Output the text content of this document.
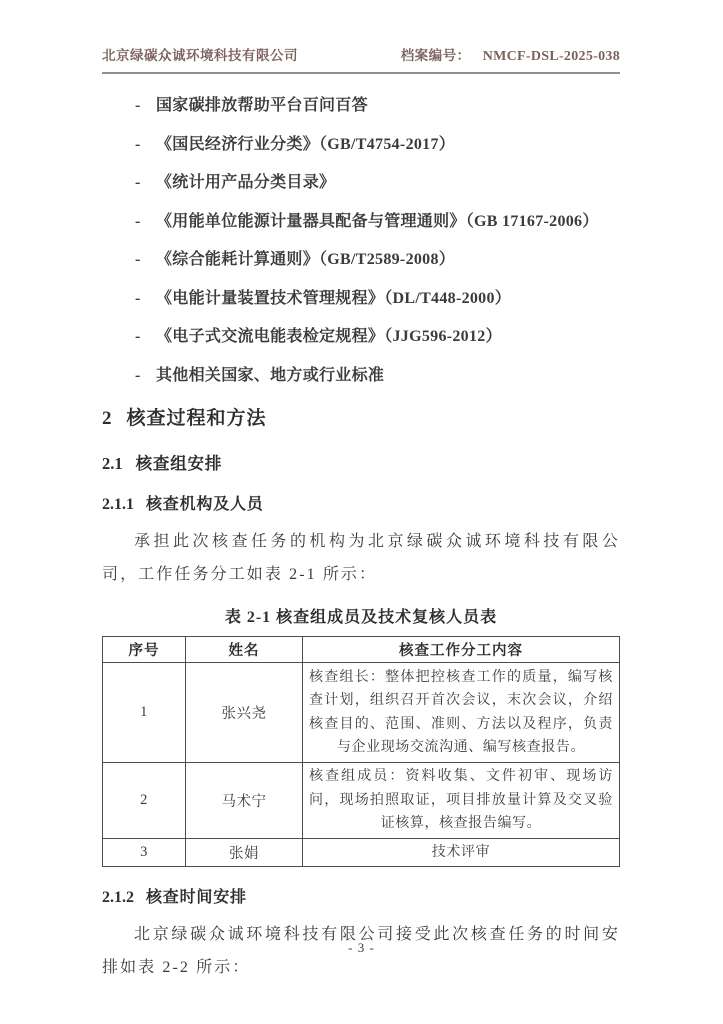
北京绿碳众诚环境科技有限公司	档案编号： NMCF-DSL-2025-038
- 国家碳排放帮助平台百问百答
- 《国民经济行业分类》（GB/T4754-2017）
- 《统计用产品分类目录》
- 《用能单位能源计量器具配备与管理通则》（GB 17167-2006）
- 《综合能耗计算通则》（GB/T2589-2008）
- 《电能计量装置技术管理规程》（DL/T448-2000）
- 《电子式交流电能表检定规程》（JJG596-2012）
- 其他相关国家、地方或行业标准
2 核查过程和方法
2.1 核查组安排
2.1.1 核查机构及人员

承担此次核查任务的机构为北京绿碳众诚环境科技有限公司，工作任务分工如表 2-1 所示：

表 2-1 核查组成员及技术复核人员表
序号	姓名	核查工作分工内容
1	张兴尧	核查组长：整体把控核查工作的质量，编写核查计划，组织召开首次会议，末次会议，介绍核查目的、范围、准则、方法以及程序，负责与企业现场交流沟通、编写核查报告。
2	马术宁	核查组成员：资料收集、文件初审、现场访问，现场拍照取证，项目排放量计算及交叉验证核算，核查报告编写。
3	张娟	技术评审
2.1.2 核查时间安排

北京绿碳众诚环境科技有限公司接受此次核查任务的时间安排如表 2-2 所示：

- 3 -
